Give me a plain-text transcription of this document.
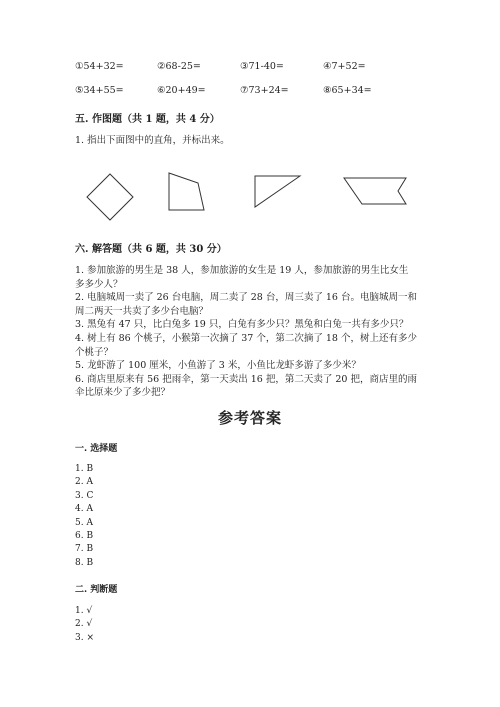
①54+32=	②68-25=	③71-40=	④7+52=
⑤34+55=	⑥20+49=	⑦73+24=	⑧65+34=
五. 作图题（共 1 题，共 4 分）
1. 指出下面图中的直角，并标出来。
六. 解答题（共 6 题，共 30 分）
1. 参加旅游的男生是 38 人，参加旅游的女生是 19 人，参加旅游的男生比女生
多多少人？
2. 电脑城周一卖了 26 台电脑，周二卖了 28 台，周三卖了 16 台。电脑城周一和
周二两天一共卖了多少台电脑？
3. 黑兔有 47 只，比白兔多 19 只，白兔有多少只？黑兔和白兔一共有多少只？
4. 树上有 86 个桃子，小猴第一次摘了 37 个，第二次摘了 18 个，树上还有多少
个桃子？
5. 龙虾游了 100 厘米，小鱼游了 3 米，小鱼比龙虾多游了多少米？
6. 商店里原来有 56 把雨伞，第一天卖出 16 把，第二天卖了 20 把，商店里的雨
伞比原来少了多少把？
参考答案
一. 选择题
1. B
2. A
3. C
4. A
5. A
6. B
7. B
8. B
二. 判断题
1. √
2. √
3. ×
